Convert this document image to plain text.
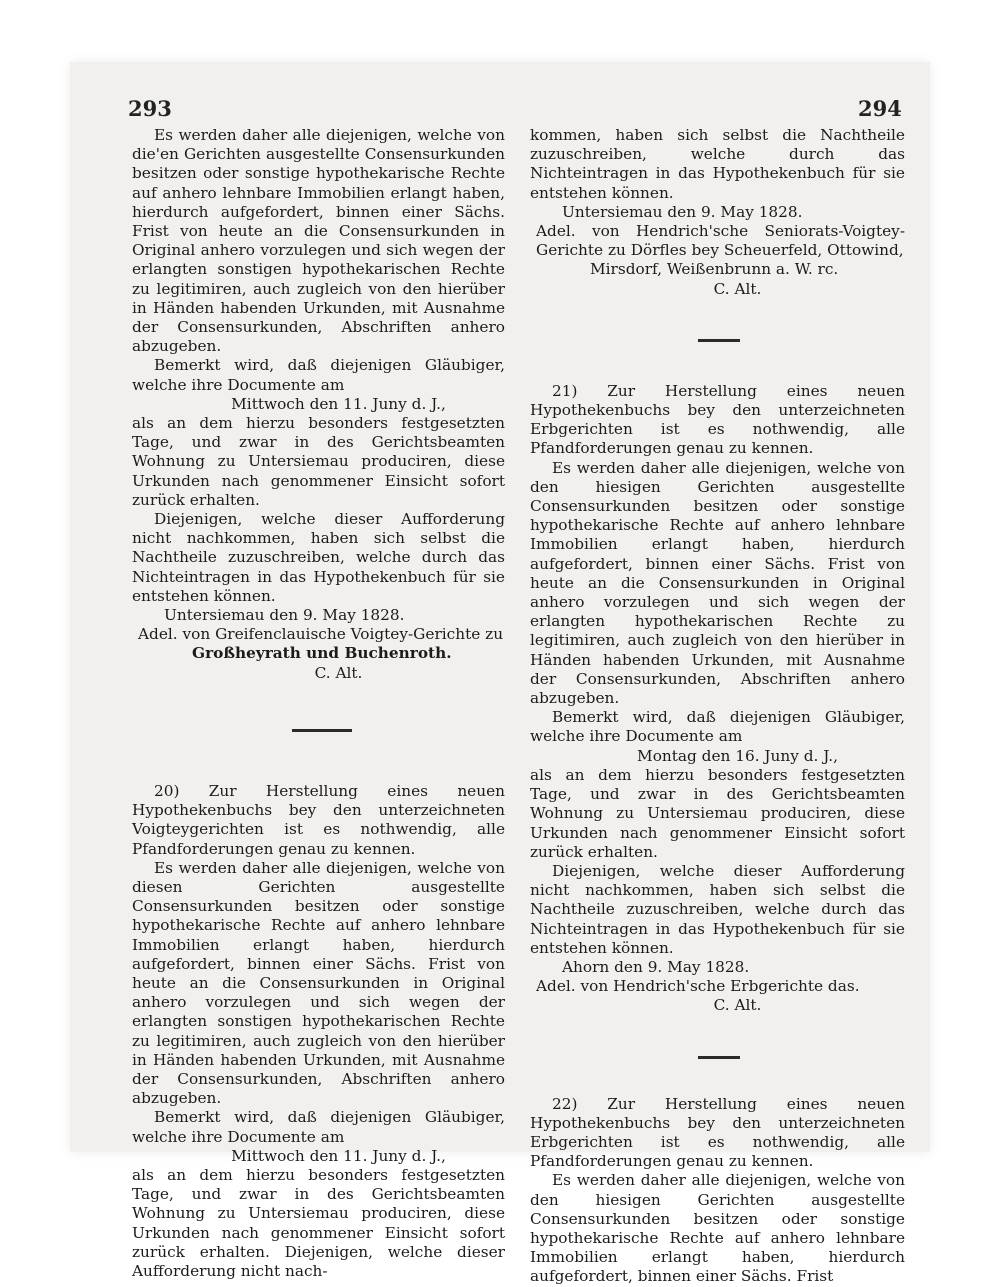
293	294

Es werden daher alle diejenigen, welche von die'en Gerichten ausgestellte Consensurkunden besitzen oder sonstige hypothekarische Rechte auf anhero lehnbare Immobilien erlangt haben, hierdurch aufgefordert, binnen einer Sächs. Frist von heute an die Consensurkunden in Original anhero vorzulegen und sich wegen der erlangten sonstigen hypothekarischen Rechte zu legitimiren, auch zugleich von den hierüber in Händen habenden Urkunden, mit Ausnahme der Consensurkunden, Abschriften anhero abzugeben.

Bemerkt wird, daß diejenigen Gläubiger, welche ihre Documente am

Mittwoch den 11. Juny d. J.,

als an dem hierzu besonders festgesetzten Tage, und zwar in des Gerichtsbeamten Wohnung zu Untersiemau produciren, diese Urkunden nach genommener Einsicht sofort zurück erhalten.

Diejenigen, welche dieser Aufforderung nicht nachkommen, haben sich selbst die Nachtheile zuzuschreiben, welche durch das Nichteintragen in das Hypothekenbuch für sie entstehen können.

Untersiemau den 9. May 1828.

Adel. von Greifenclauische Voigtey-Gerichte zu

Großheyrath und Buchenroth.

C. Alt.

20) Zur Herstellung eines neuen Hypothekenbuchs bey den unterzeichneten Voigteygerichten ist es nothwendig, alle Pfandforderungen genau zu kennen.

Es werden daher alle diejenigen, welche von diesen Gerichten ausgestellte Consensurkunden besitzen oder sonstige hypothekarische Rechte auf anhero lehnbare Immobilien erlangt haben, hierdurch aufgefordert, binnen einer Sächs. Frist von heute an die Consensurkunden in Original anhero vorzulegen und sich wegen der erlangten sonstigen hypothekarischen Rechte zu legitimiren, auch zugleich von den hierüber in Händen habenden Urkunden, mit Ausnahme der Consensurkunden, Abschriften anhero abzugeben.

Bemerkt wird, daß diejenigen Gläubiger, welche ihre Documente am

Mittwoch den 11. Juny d. J.,

als an dem hierzu besonders festgesetzten Tage, und zwar in des Gerichtsbeamten Wohnung zu Untersiemau produciren, diese Urkunden nach genommener Einsicht sofort zurück erhalten. Diejenigen, welche dieser Aufforderung nicht nach-

kommen, haben sich selbst die Nachtheile zuzuschreiben, welche durch das Nichteintragen in das Hypothekenbuch für sie entstehen können.

Untersiemau den 9. May 1828.

Adel. von Hendrich'sche Seniorats-Voigtey-Gerichte zu Dörfles bey Scheuerfeld, Ottowind,

Mirsdorf, Weißenbrunn a. W. rc.

C. Alt.

21) Zur Herstellung eines neuen Hypothekenbuchs bey den unterzeichneten Erbgerichten ist es nothwendig, alle Pfandforderungen genau zu kennen.

Es werden daher alle diejenigen, welche von den hiesigen Gerichten ausgestellte Consensurkunden besitzen oder sonstige hypothekarische Rechte auf anhero lehnbare Immobilien erlangt haben, hierdurch aufgefordert, binnen einer Sächs. Frist von heute an die Consensurkunden in Original anhero vorzulegen und sich wegen der erlangten hypothekarischen Rechte zu legitimiren, auch zugleich von den hierüber in Händen habenden Urkunden, mit Ausnahme der Consensurkunden, Abschriften anhero abzugeben.

Bemerkt wird, daß diejenigen Gläubiger, welche ihre Documente am

Montag den 16. Juny d. J.,

als an dem hierzu besonders festgesetzten Tage, und zwar in des Gerichtsbeamten Wohnung zu Untersiemau produciren, diese Urkunden nach genommener Einsicht sofort zurück erhalten.

Diejenigen, welche dieser Aufforderung nicht nachkommen, haben sich selbst die Nachtheile zuzuschreiben, welche durch das Nichteintragen in das Hypothekenbuch für sie entstehen können.

Ahorn den 9. May 1828.

Adel. von Hendrich'sche Erbgerichte das.

C. Alt.

22) Zur Herstellung eines neuen Hypothekenbuchs bey den unterzeichneten Erbgerichten ist es nothwendig, alle Pfandforderungen genau zu kennen.

Es werden daher alle diejenigen, welche von den hiesigen Gerichten ausgestellte Consensurkunden besitzen oder sonstige hypothekarische Rechte auf anhero lehnbare Immobilien erlangt haben, hierdurch aufgefordert, binnen einer Sächs. Frist
